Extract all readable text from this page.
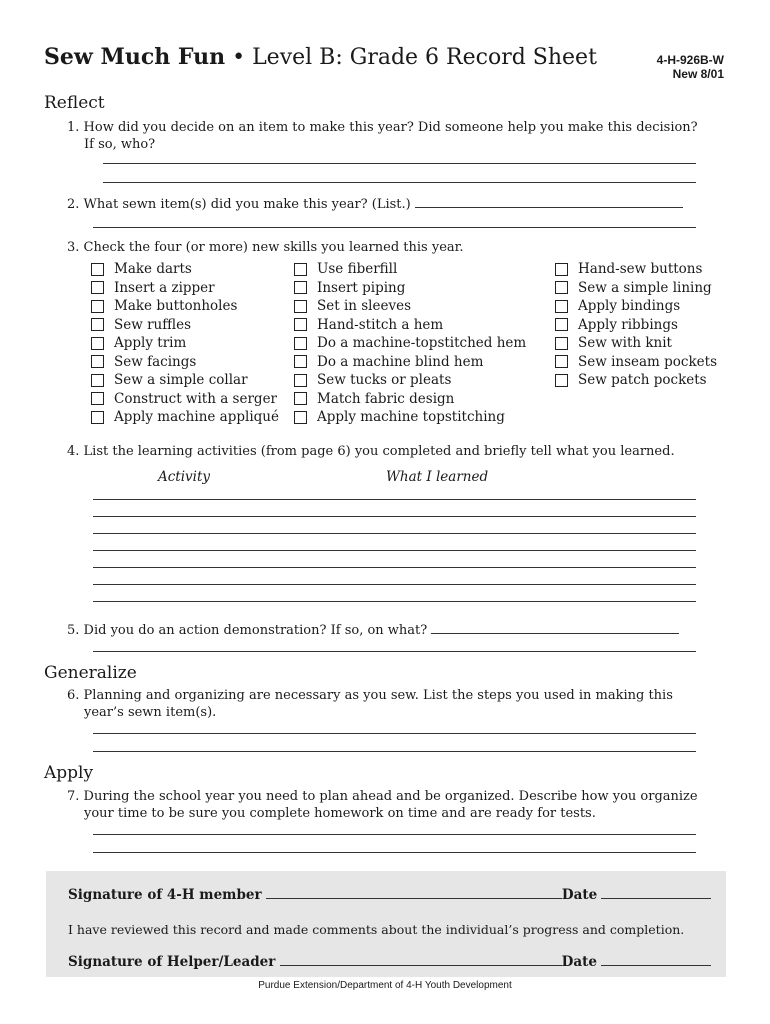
Sew Much Fun • Level B: Grade 6 Record Sheet	4-H-926B-W
New 8/01
Reflect
1. How did you decide on an item to make this year? Did someone help you make this decision?
If so, who?
2. What sewn item(s) did you make this year? (List.)
3. Check the four (or more) new skills you learned this year.
Make darts
Insert a zipper
Make buttonholes
Sew ruffles
Apply trim
Sew facings
Sew a simple collar
Construct with a serger
Apply machine appliqué
Use fiberfill
Insert piping
Set in sleeves
Hand-stitch a hem
Do a machine-topstitched hem
Do a machine blind hem
Sew tucks or pleats
Match fabric design
Apply machine topstitching
Hand-sew buttons
Sew a simple lining
Apply bindings
Apply ribbings
Sew with knit
Sew inseam pockets
Sew patch pockets
4. List the learning activities (from page 6) you completed and briefly tell what you learned.
Activity	What I learned
5. Did you do an action demonstration? If so, on what?
Generalize
6. Planning and organizing are necessary as you sew. List the steps you used in making this
year’s sewn item(s).
Apply
7. During the school year you need to plan ahead and be organized. Describe how you organize
your time to be sure you complete homework on time and are ready for tests.
Signature of 4-H member	Date
I have reviewed this record and made comments about the individual’s progress and completion.
Signature of Helper/Leader	Date
Purdue Extension/Department of 4-H Youth Development
